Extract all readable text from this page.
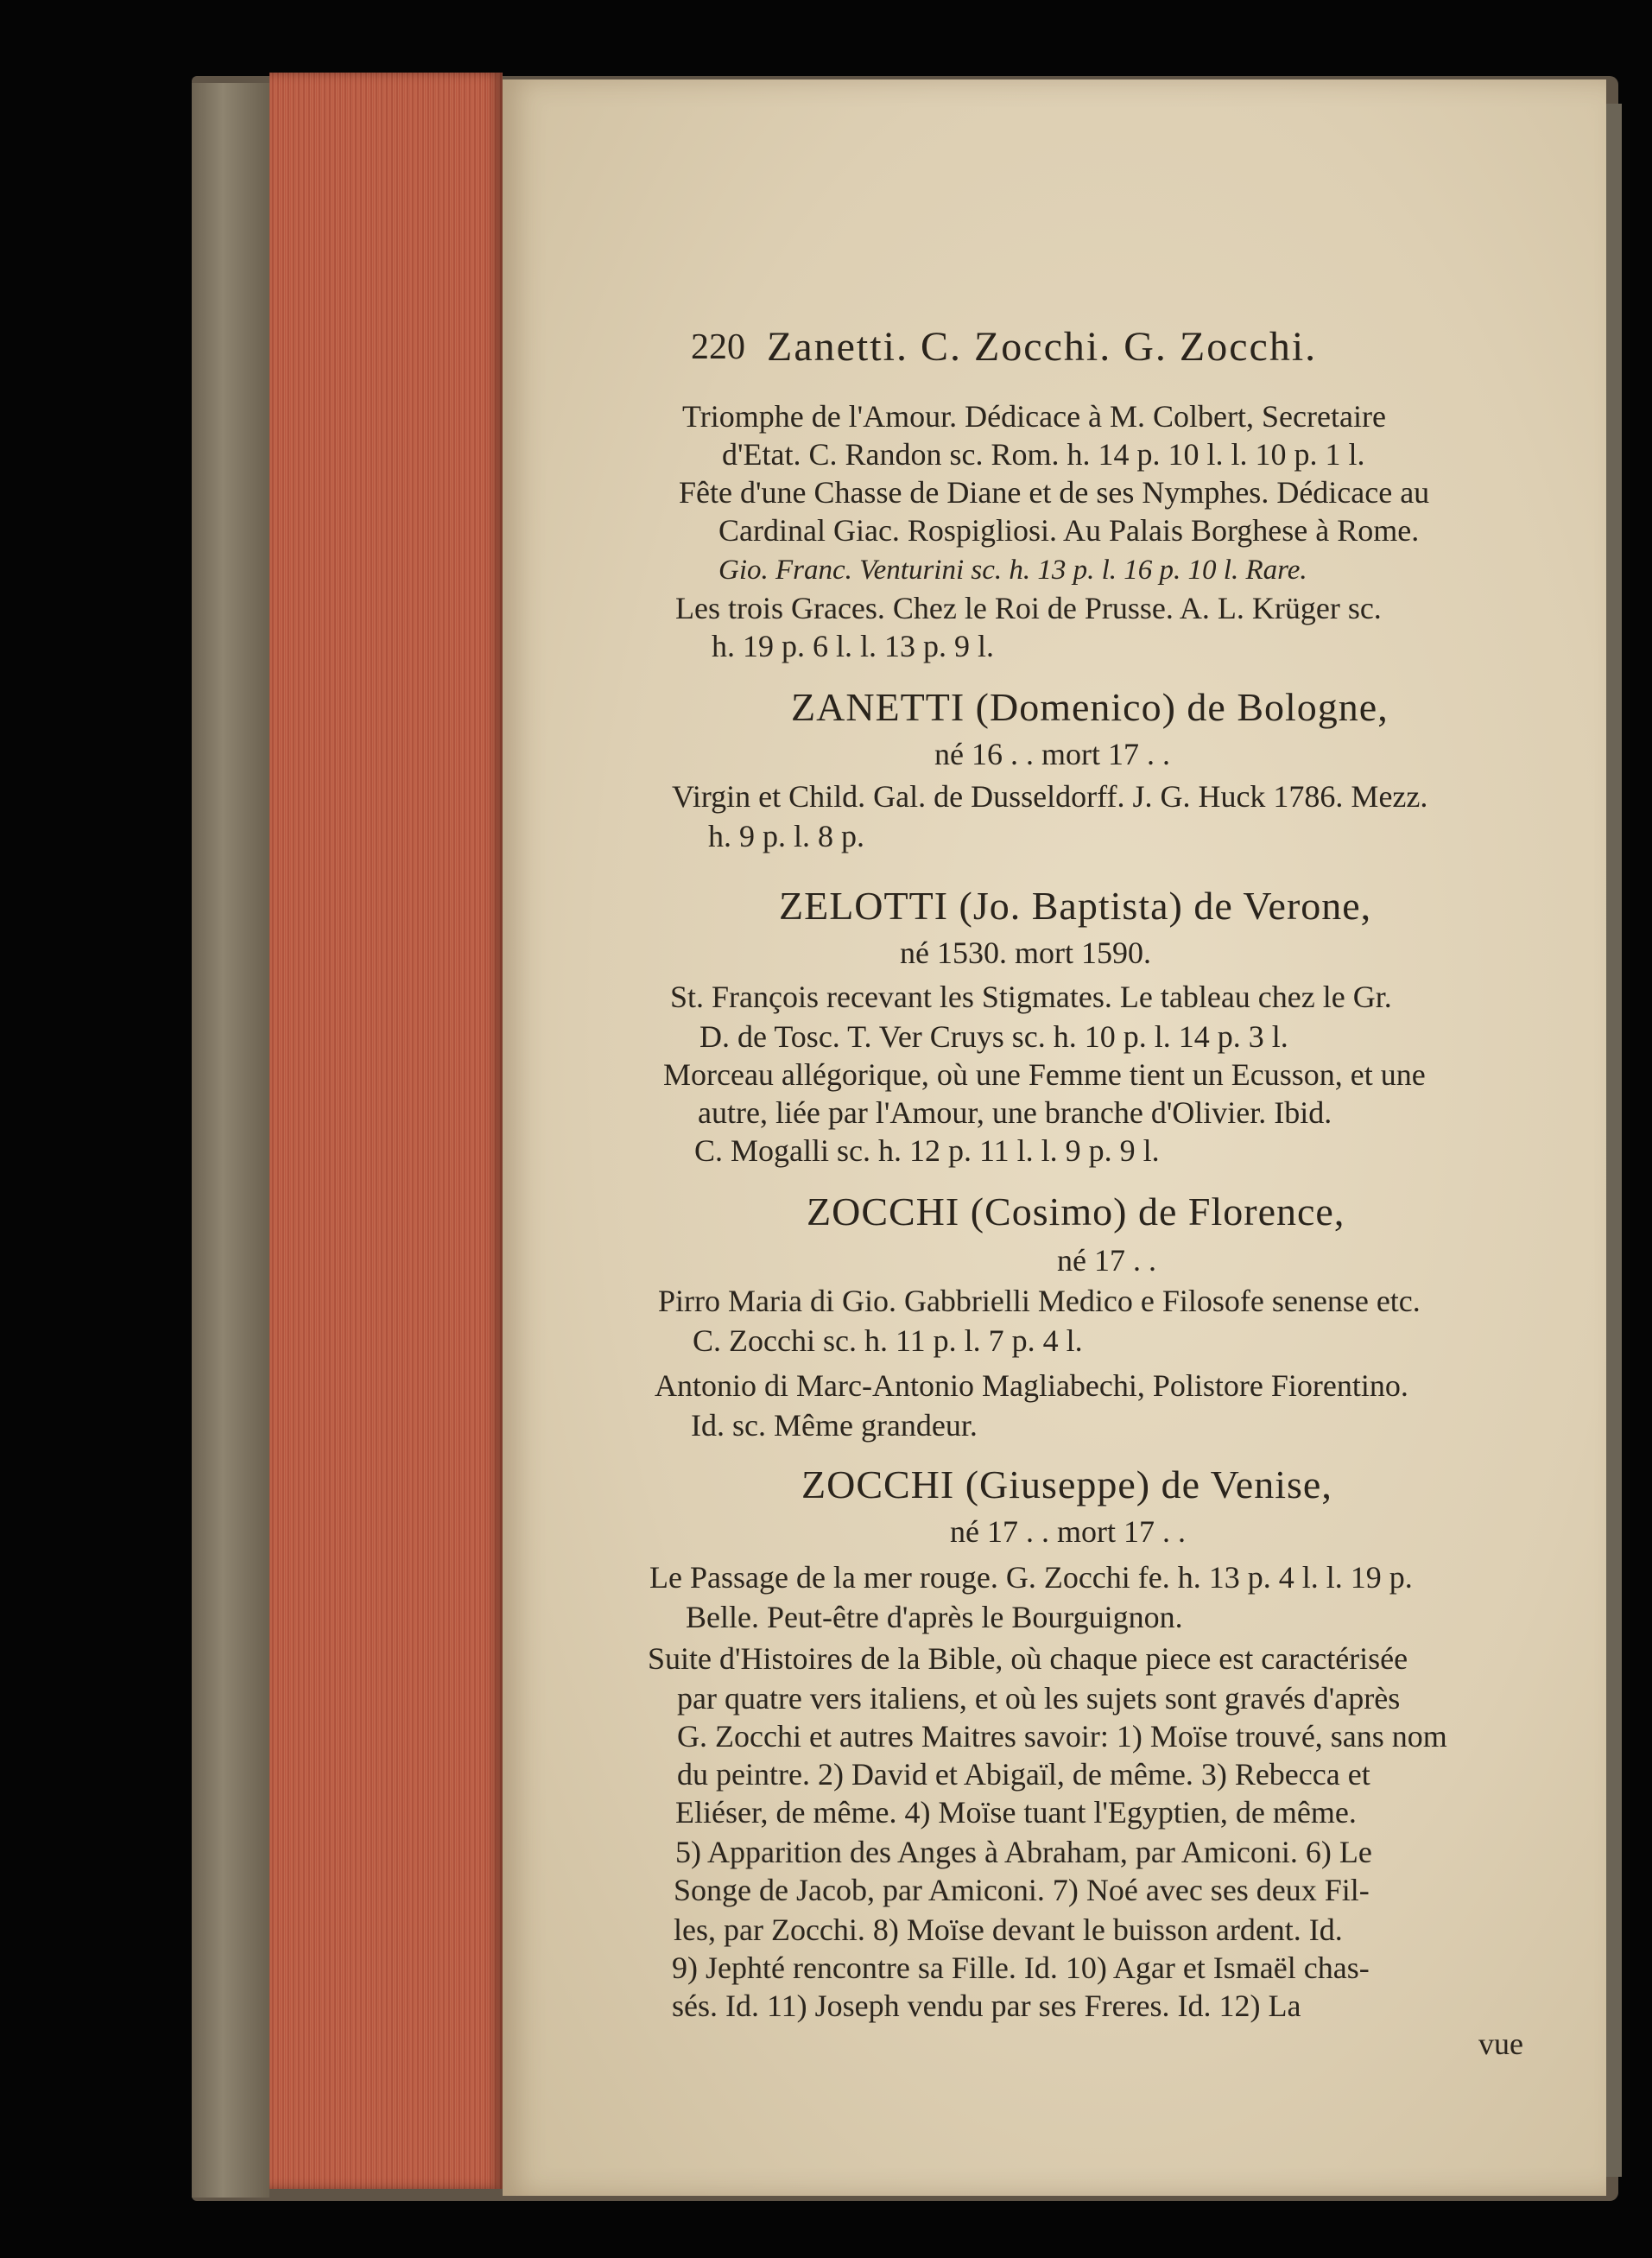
220 Zanetti. C. Zocchi. G. Zocchi.
Triomphe de l'Amour. Dédicace à M. Colbert, Secretaire
d'Etat. C. Randon sc. Rom. h. 14 p. 10 l. l. 10 p. 1 l.
Fête d'une Chasse de Diane et de ses Nymphes. Dédicace au
Cardinal Giac. Rospigliosi. Au Palais Borghese à Rome.
Gio. Franc. Venturini sc. h. 13 p. l. 16 p. 10 l. Rare.
Les trois Graces. Chez le Roi de Prusse. A. L. Krüger sc.
h. 19 p. 6 l. l. 13 p. 9 l.
ZANETTI (Domenico) de Bologne,
né 16 . . mort 17 . .
Virgin et Child. Gal. de Dusseldorff. J. G. Huck 1786. Mezz.
h. 9 p. l. 8 p.
ZELOTTI (Jo. Baptista) de Verone,
né 1530. mort 1590.
St. François recevant les Stigmates. Le tableau chez le Gr.
D. de Tosc. T. Ver Cruys sc. h. 10 p. l. 14 p. 3 l.
Morceau allégorique, où une Femme tient un Ecusson, et une
autre, liée par l'Amour, une branche d'Olivier. Ibid.
C. Mogalli sc. h. 12 p. 11 l. l. 9 p. 9 l.
ZOCCHI (Cosimo) de Florence,
né 17 . .
Pirro Maria di Gio. Gabbrielli Medico e Filosofe senense etc.
C. Zocchi sc. h. 11 p. l. 7 p. 4 l.
Antonio di Marc-Antonio Magliabechi, Polistore Fiorentino.
Id. sc. Même grandeur.
ZOCCHI (Giuseppe) de Venise,
né 17 . . mort 17 . .
Le Passage de la mer rouge. G. Zocchi fe. h. 13 p. 4 l. l. 19 p.
Belle. Peut-être d'après le Bourguignon.
Suite d'Histoires de la Bible, où chaque piece est caractérisée
par quatre vers italiens, et où les sujets sont gravés d'après
G. Zocchi et autres Maitres savoir: 1) Moïse trouvé, sans nom
du peintre. 2) David et Abigaïl, de même. 3) Rebecca et
Eliéser, de même. 4) Moïse tuant l'Egyptien, de même.
5) Apparition des Anges à Abraham, par Amiconi. 6) Le
Songe de Jacob, par Amiconi. 7) Noé avec ses deux Fil-
les, par Zocchi. 8) Moïse devant le buisson ardent. Id.
9) Jephté rencontre sa Fille. Id. 10) Agar et Ismaël chas-
sés. Id. 11) Joseph vendu par ses Freres. Id. 12) La
vue
